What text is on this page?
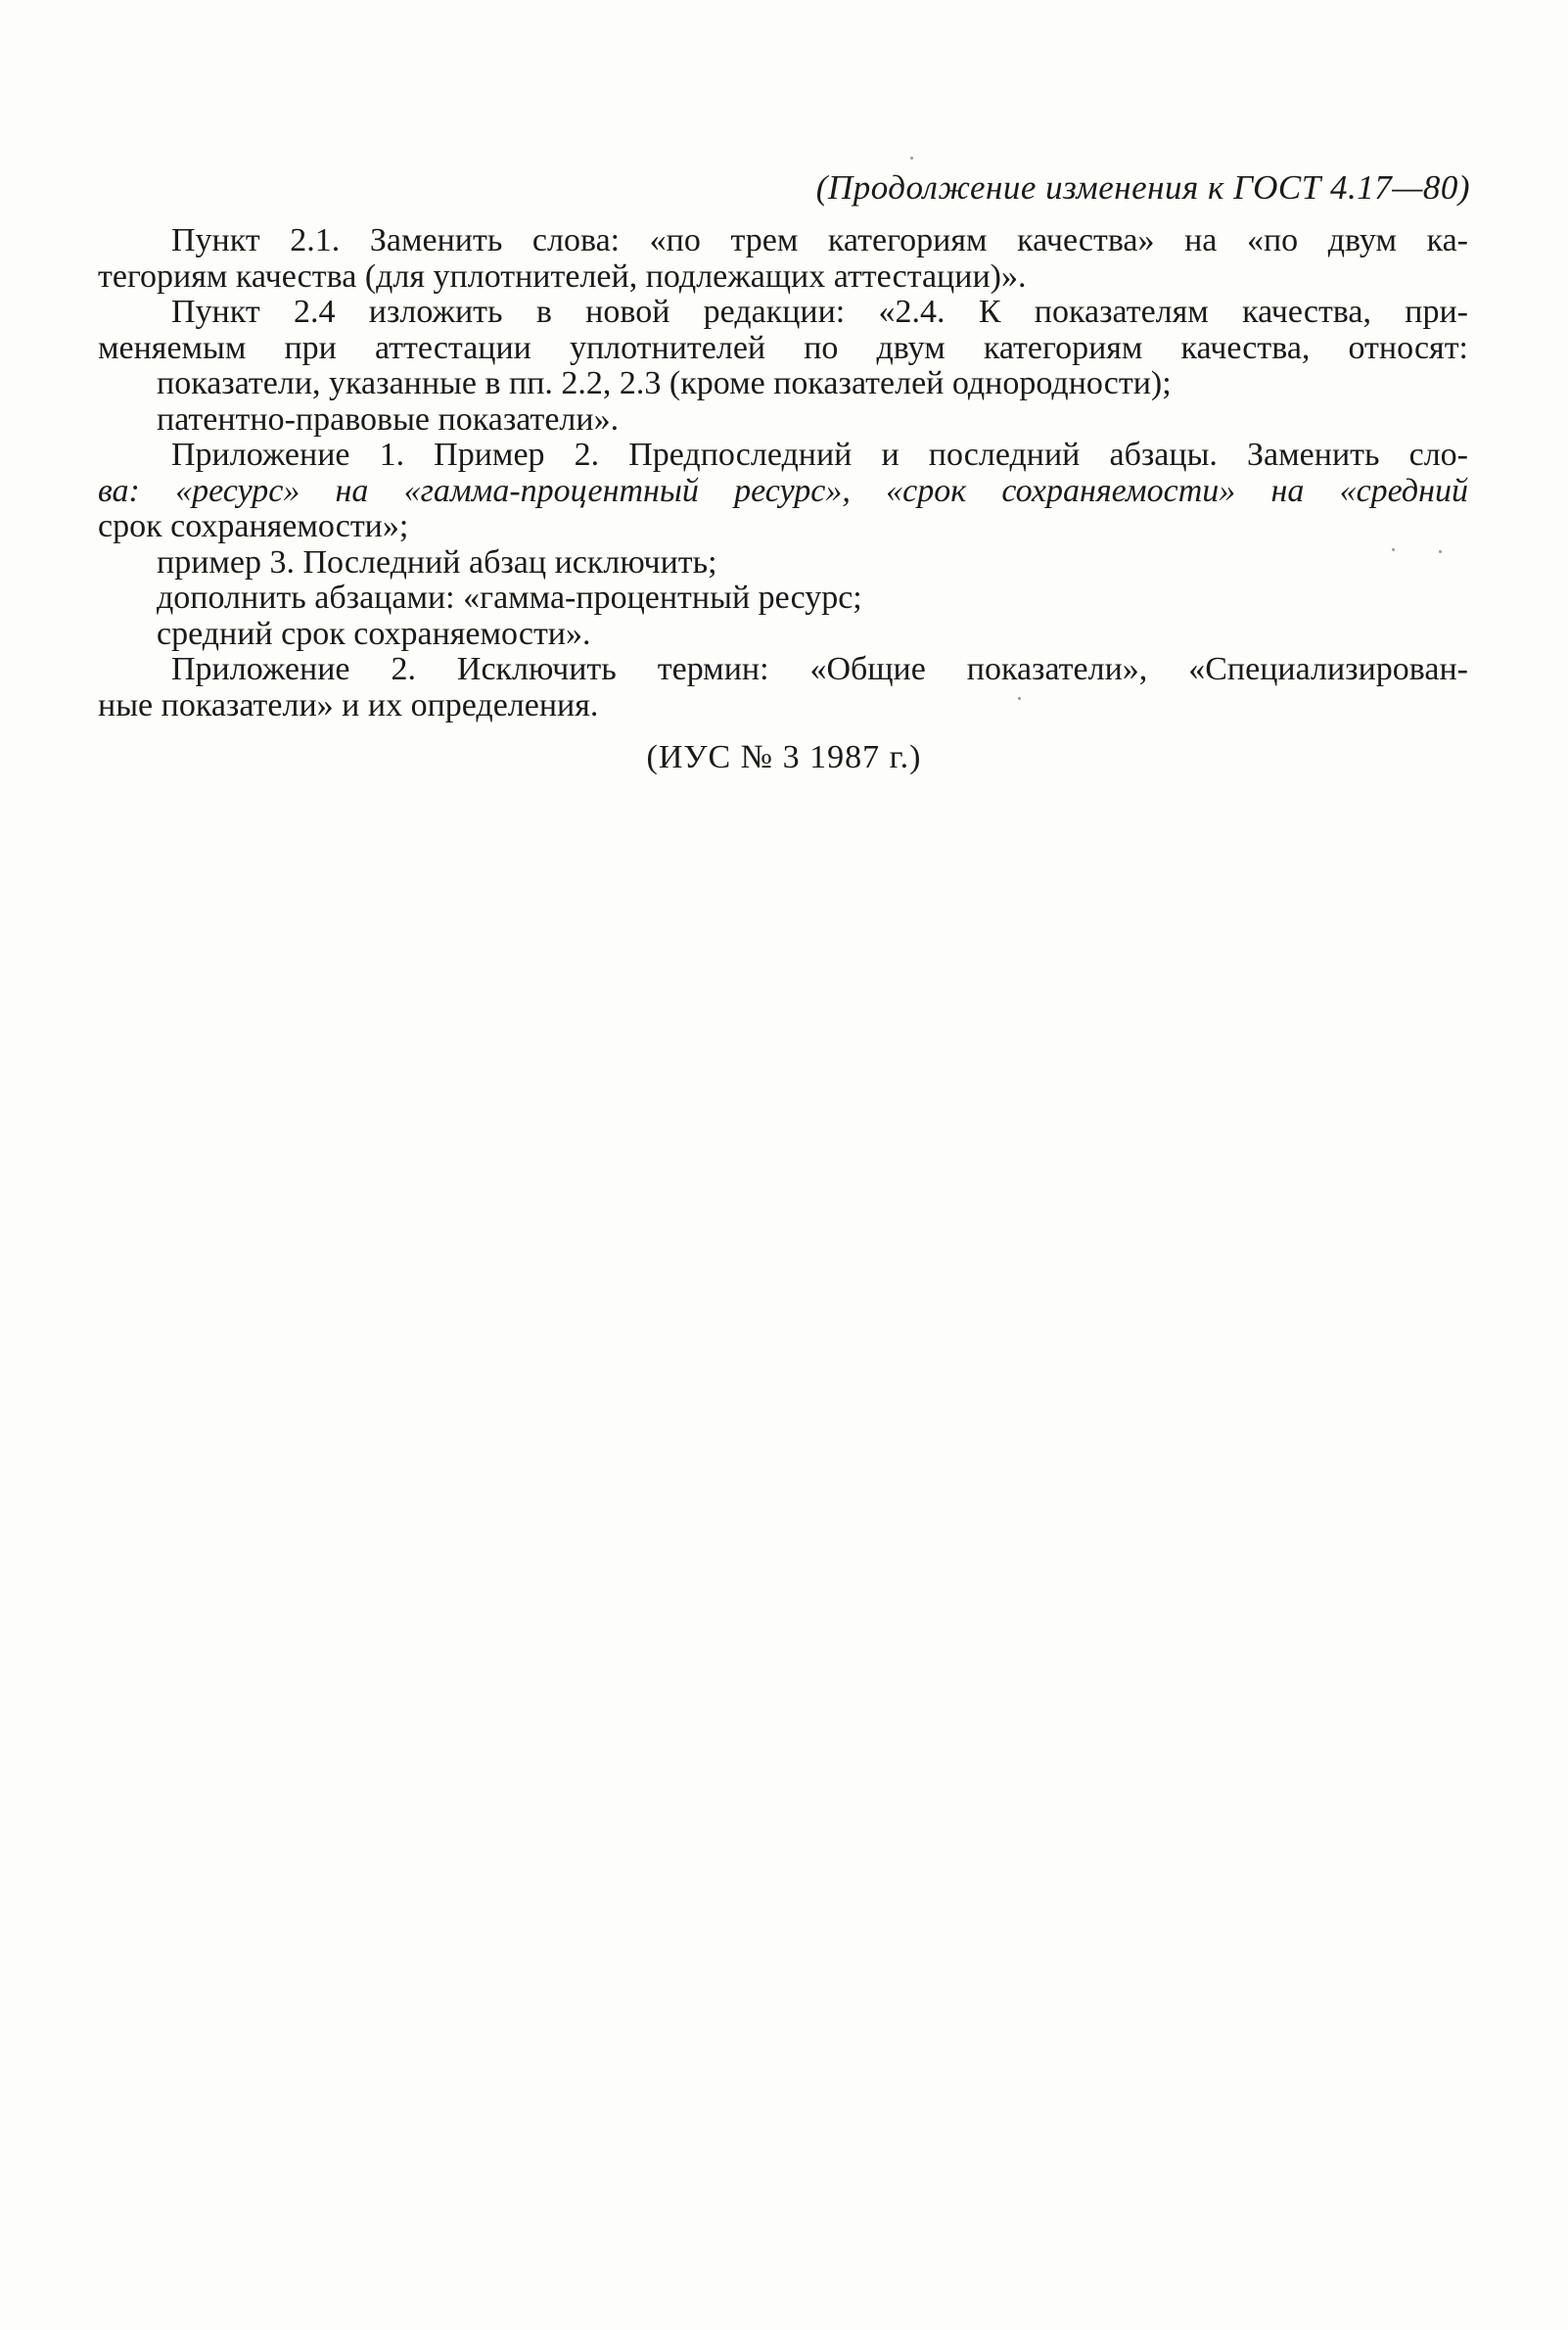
(Продолжение изменения к ГОСТ 4.17—80)
Пункт 2.1. Заменить слова: «по трем категориям качества» на «по двум ка-
тегориям качества (для уплотнителей, подлежащих аттестации)».
Пункт 2.4 изложить в новой редакции: «2.4. К показателям качества, при-
меняемым при аттестации уплотнителей по двум категориям качества, относят:
показатели, указанные в пп. 2.2, 2.3 (кроме показателей однородности);
патентно-правовые показатели».
Приложение 1. Пример 2. Предпоследний и последний абзацы. Заменить сло-
ва: «ресурс» на «гамма-процентный ресурс», «срок сохраняемости» на «средний
срок сохраняемости»;
пример 3. Последний абзац исключить;
дополнить абзацами: «гамма-процентный ресурс;
средний срок сохраняемости».
Приложение 2. Исключить термин: «Общие показатели», «Специализирован-
ные показатели» и их определения.
(ИУС № 3 1987 г.)
